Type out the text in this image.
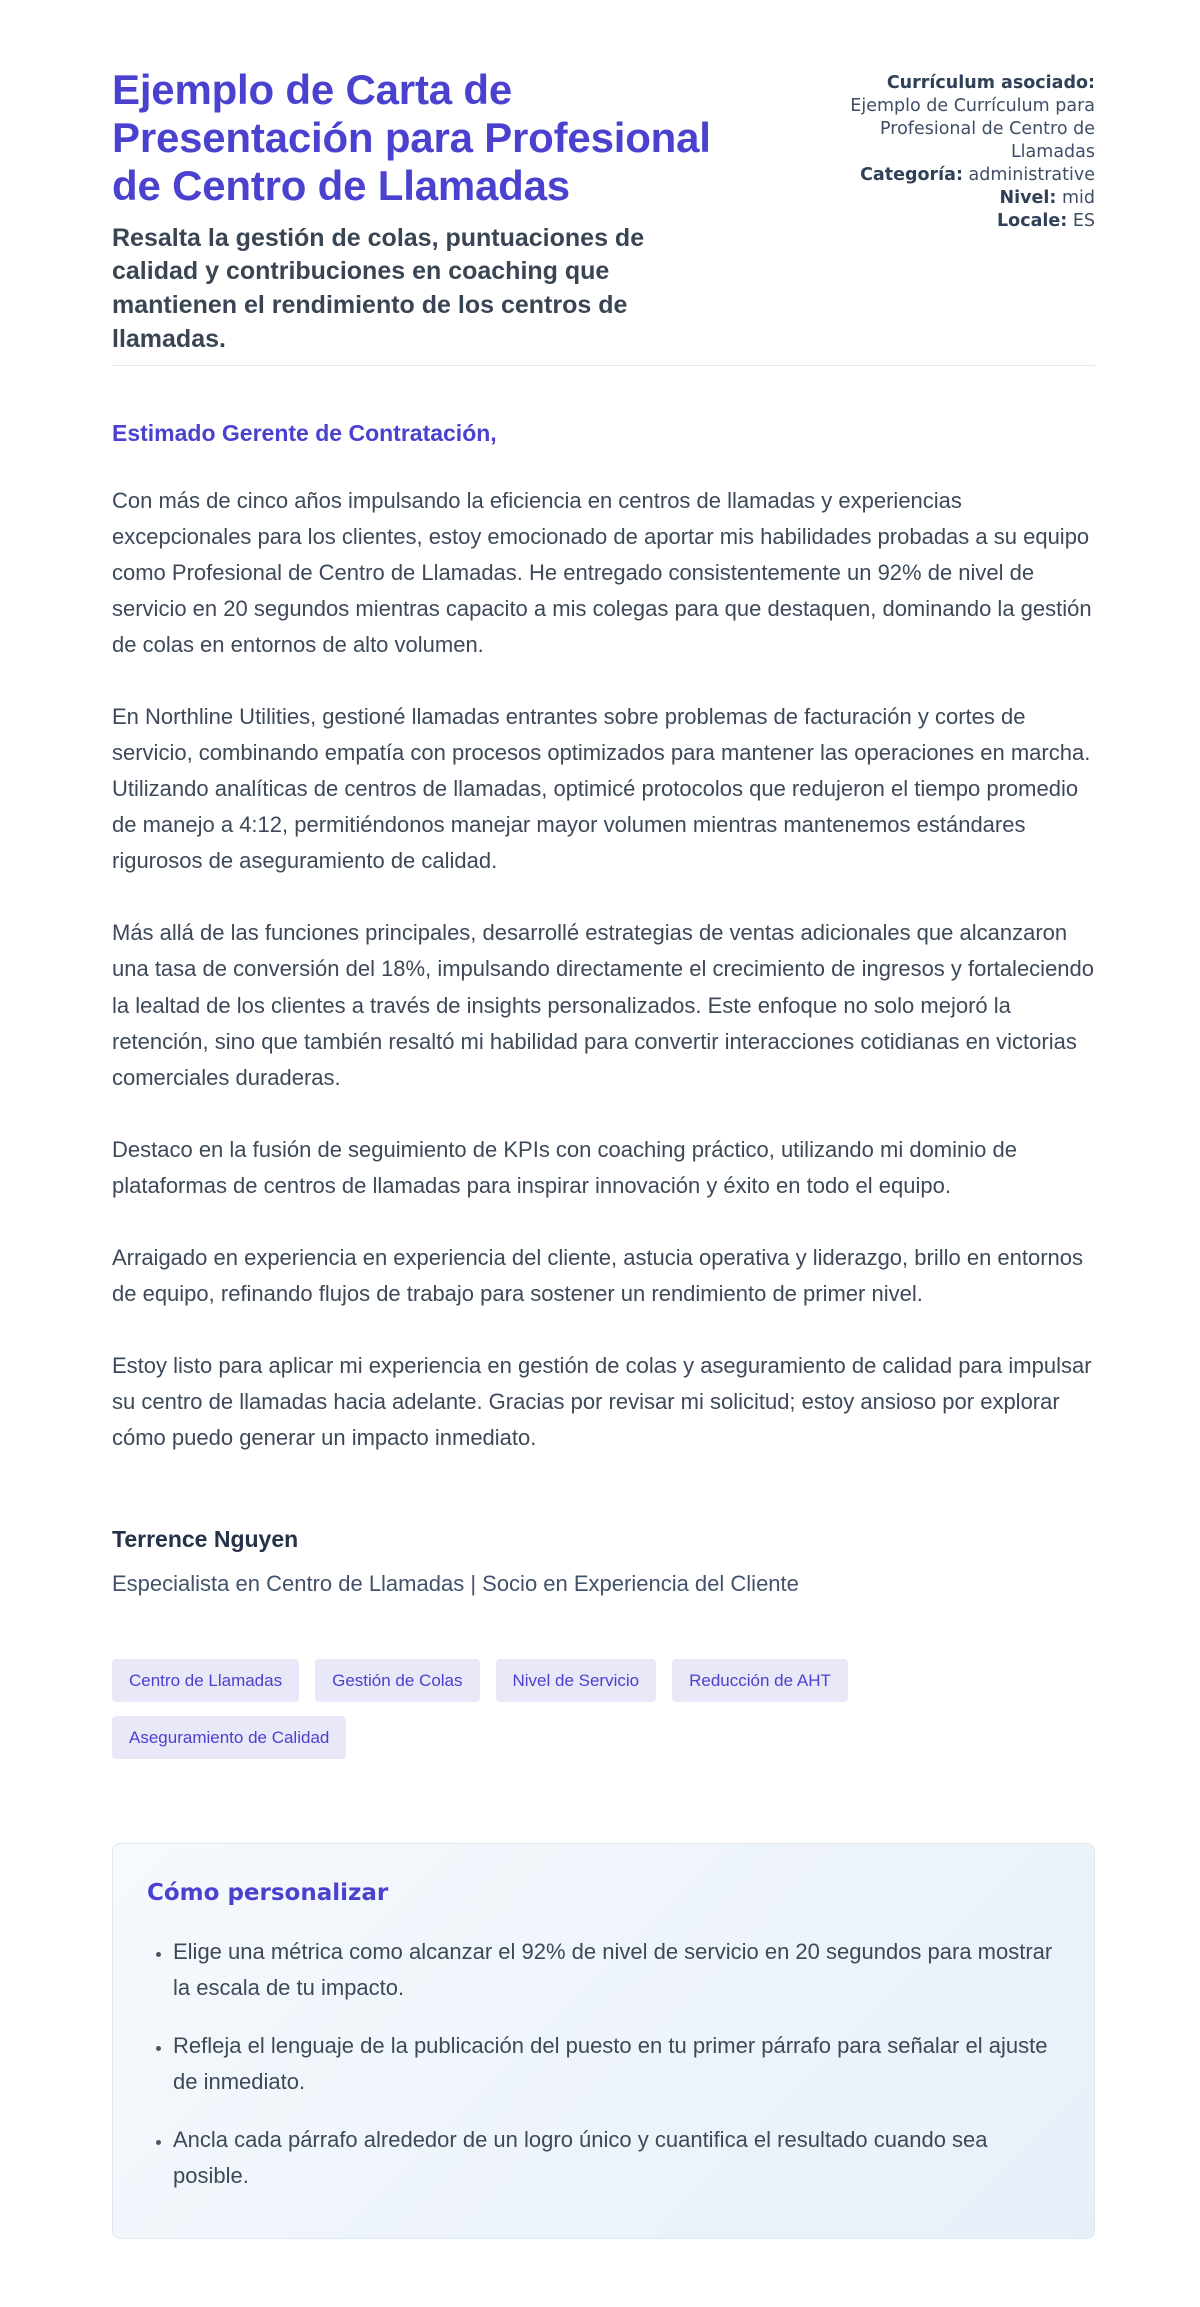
Ejemplo de Carta de Presentación para Profesional de Centro de Llamadas

Resalta la gestión de colas, puntuaciones de calidad y contribuciones en coaching que mantienen el rendimiento de los centros de llamadas.

Currículum asociado:
Ejemplo de Currículum para Profesional de Centro de Llamadas
Categoría: administrative
Nivel: mid
Locale: ES

Estimado Gerente de Contratación,

Con más de cinco años impulsando la eficiencia en centros de llamadas y experiencias excepcionales para los clientes, estoy emocionado de aportar mis habilidades probadas a su equipo como Profesional de Centro de Llamadas. He entregado consistentemente un 92% de nivel de servicio en 20 segundos mientras capacito a mis colegas para que destaquen, dominando la gestión de colas en entornos de alto volumen.

En Northline Utilities, gestioné llamadas entrantes sobre problemas de facturación y cortes de servicio, combinando empatía con procesos optimizados para mantener las operaciones en marcha. Utilizando analíticas de centros de llamadas, optimicé protocolos que redujeron el tiempo promedio de manejo a 4:12, permitiéndonos manejar mayor volumen mientras mantenemos estándares rigurosos de aseguramiento de calidad.

Más allá de las funciones principales, desarrollé estrategias de ventas adicionales que alcanzaron una tasa de conversión del 18%, impulsando directamente el crecimiento de ingresos y fortaleciendo la lealtad de los clientes a través de insights personalizados. Este enfoque no solo mejoró la retención, sino que también resaltó mi habilidad para convertir interacciones cotidianas en victorias comerciales duraderas.

Destaco en la fusión de seguimiento de KPIs con coaching práctico, utilizando mi dominio de plataformas de centros de llamadas para inspirar innovación y éxito en todo el equipo.

Arraigado en experiencia en experiencia del cliente, astucia operativa y liderazgo, brillo en entornos de equipo, refinando flujos de trabajo para sostener un rendimiento de primer nivel.

Estoy listo para aplicar mi experiencia en gestión de colas y aseguramiento de calidad para impulsar su centro de llamadas hacia adelante. Gracias por revisar mi solicitud; estoy ansioso por explorar cómo puedo generar un impacto inmediato.

Terrence Nguyen

Especialista en Centro de Llamadas | Socio en Experiencia del Cliente

Centro de Llamadas	Gestión de Colas	Nivel de Servicio	Reducción de AHT
Aseguramiento de Calidad
Cómo personalizar
• Elige una métrica como alcanzar el 92% de nivel de servicio en 20 segundos para mostrar la escala de tu impacto.
• Refleja el lenguaje de la publicación del puesto en tu primer párrafo para señalar el ajuste de inmediato.
• Ancla cada párrafo alrededor de un logro único y cuantifica el resultado cuando sea posible.
